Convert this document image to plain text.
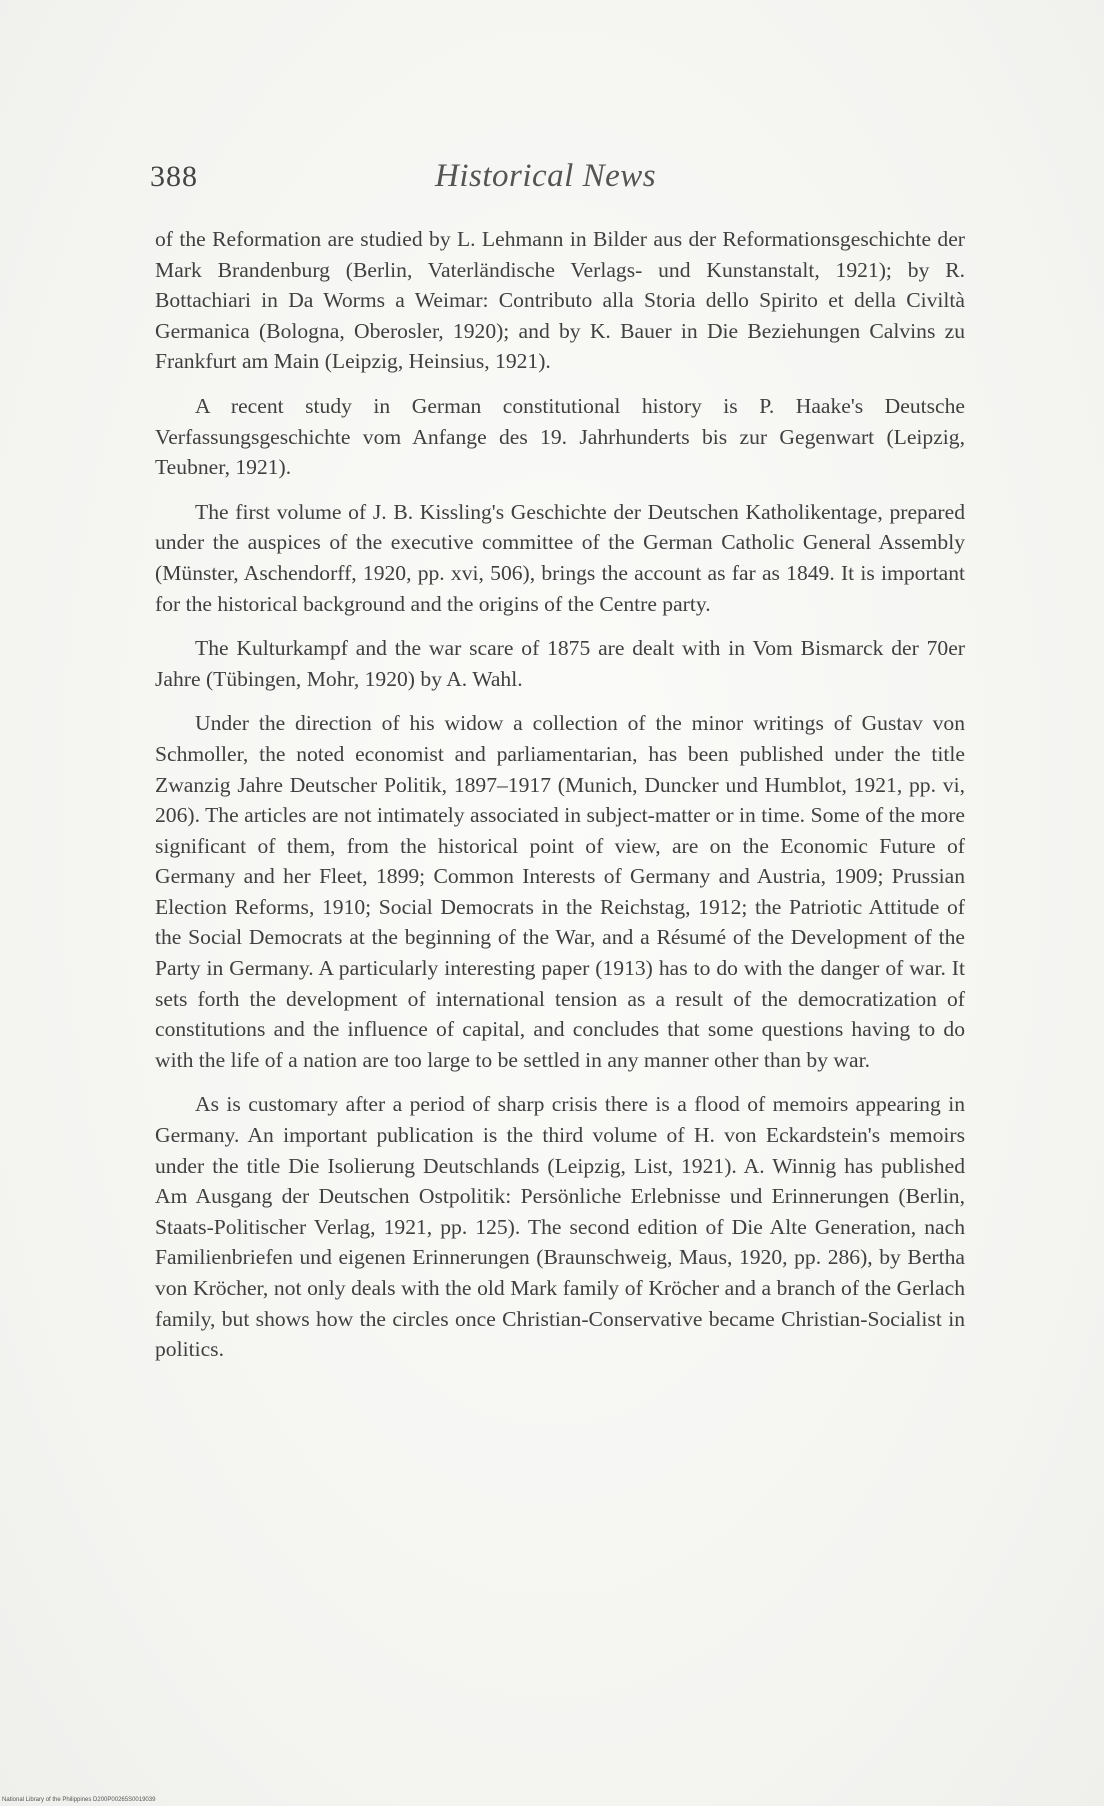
388	Historical News

of the Reformation are studied by L. Lehmann in Bilder aus der Reformationsgeschichte der Mark Brandenburg (Berlin, Vaterländische Verlags- und Kunstanstalt, 1921); by R. Bottachiari in Da Worms a Weimar: Contributo alla Storia dello Spirito et della Civiltà Germanica (Bologna, Oberosler, 1920); and by K. Bauer in Die Beziehungen Calvins zu Frankfurt am Main (Leipzig, Heinsius, 1921).

A recent study in German constitutional history is P. Haake's Deutsche Verfassungsgeschichte vom Anfange des 19. Jahrhunderts bis zur Gegenwart (Leipzig, Teubner, 1921).

The first volume of J. B. Kissling's Geschichte der Deutschen Katholikentage, prepared under the auspices of the executive committee of the German Catholic General Assembly (Münster, Aschendorff, 1920, pp. xvi, 506), brings the account as far as 1849. It is important for the historical background and the origins of the Centre party.

The Kulturkampf and the war scare of 1875 are dealt with in Vom Bismarck der 70er Jahre (Tübingen, Mohr, 1920) by A. Wahl.

Under the direction of his widow a collection of the minor writings of Gustav von Schmoller, the noted economist and parliamentarian, has been published under the title Zwanzig Jahre Deutscher Politik, 1897–1917 (Munich, Duncker und Humblot, 1921, pp. vi, 206). The articles are not intimately associated in subject-matter or in time. Some of the more significant of them, from the historical point of view, are on the Economic Future of Germany and her Fleet, 1899; Common Interests of Germany and Austria, 1909; Prussian Election Reforms, 1910; Social Democrats in the Reichstag, 1912; the Patriotic Attitude of the Social Democrats at the beginning of the War, and a Résumé of the Development of the Party in Germany. A particularly interesting paper (1913) has to do with the danger of war. It sets forth the development of international tension as a result of the democratization of constitutions and the influence of capital, and concludes that some questions having to do with the life of a nation are too large to be settled in any manner other than by war.

As is customary after a period of sharp crisis there is a flood of memoirs appearing in Germany. An important publication is the third volume of H. von Eckardstein's memoirs under the title Die Isolierung Deutschlands (Leipzig, List, 1921). A. Winnig has published Am Ausgang der Deutschen Ostpolitik: Persönliche Erlebnisse und Erinnerungen (Berlin, Staats-Politischer Verlag, 1921, pp. 125). The second edition of Die Alte Generation, nach Familienbriefen und eigenen Erinnerungen (Braunschweig, Maus, 1920, pp. 286), by Bertha von Kröcher, not only deals with the old Mark family of Kröcher and a branch of the Gerlach family, but shows how the circles once Christian-Conservative became Christian-Socialist in politics.

National Library of the Philippines D200P00265S0019039
